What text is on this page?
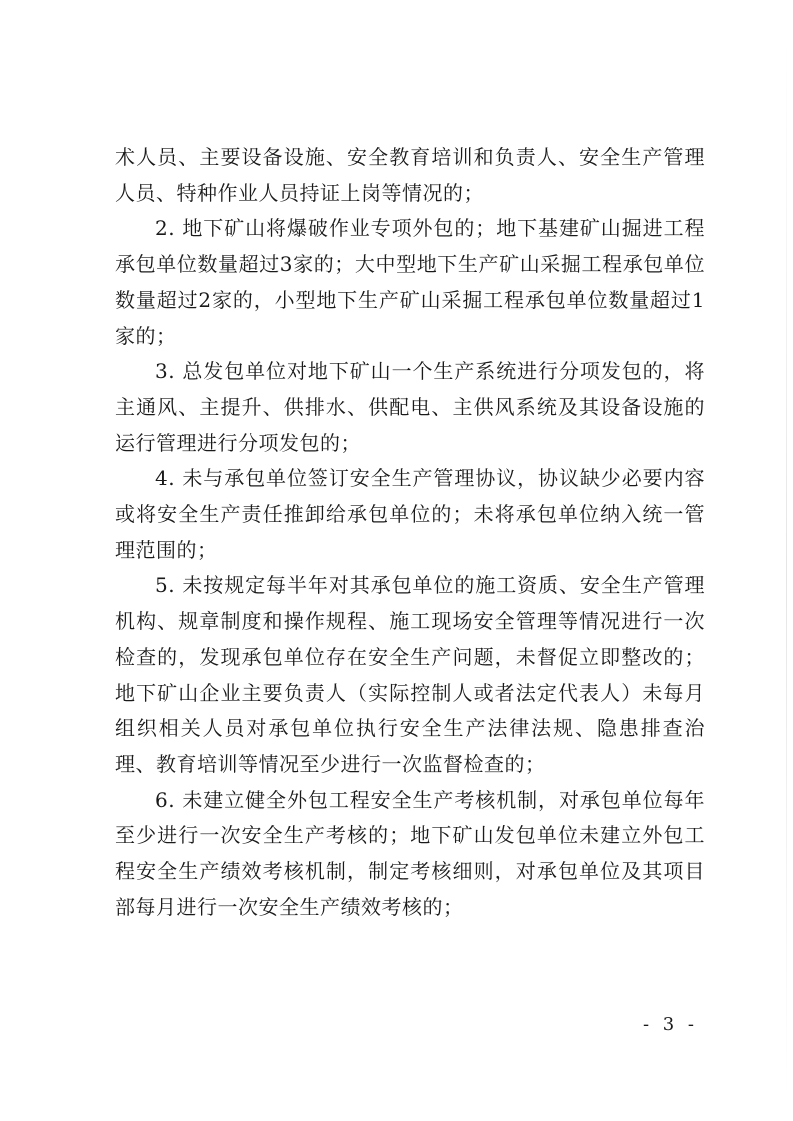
术人员、主要设备设施、安全教育培训和负责人、安全生产管理人员、特种作业人员持证上岗等情况的；

2. 地下矿山将爆破作业专项外包的；地下基建矿山掘进工程承包单位数量超过3家的；大中型地下生产矿山采掘工程承包单位数量超过2家的，小型地下生产矿山采掘工程承包单位数量超过1家的；

3. 总发包单位对地下矿山一个生产系统进行分项发包的，将主通风、主提升、供排水、供配电、主供风系统及其设备设施的运行管理进行分项发包的；

4. 未与承包单位签订安全生产管理协议，协议缺少必要内容或将安全生产责任推卸给承包单位的；未将承包单位纳入统一管理范围的；

5. 未按规定每半年对其承包单位的施工资质、安全生产管理机构、规章制度和操作规程、施工现场安全管理等情况进行一次检查的，发现承包单位存在安全生产问题，未督促立即整改的；地下矿山企业主要负责人（实际控制人或者法定代表人）未每月组织相关人员对承包单位执行安全生产法律法规、隐患排查治理、教育培训等情况至少进行一次监督检查的；

6. 未建立健全外包工程安全生产考核机制，对承包单位每年至少进行一次安全生产考核的；地下矿山发包单位未建立外包工程安全生产绩效考核机制，制定考核细则，对承包单位及其项目部每月进行一次安全生产绩效考核的；

- 3 -
